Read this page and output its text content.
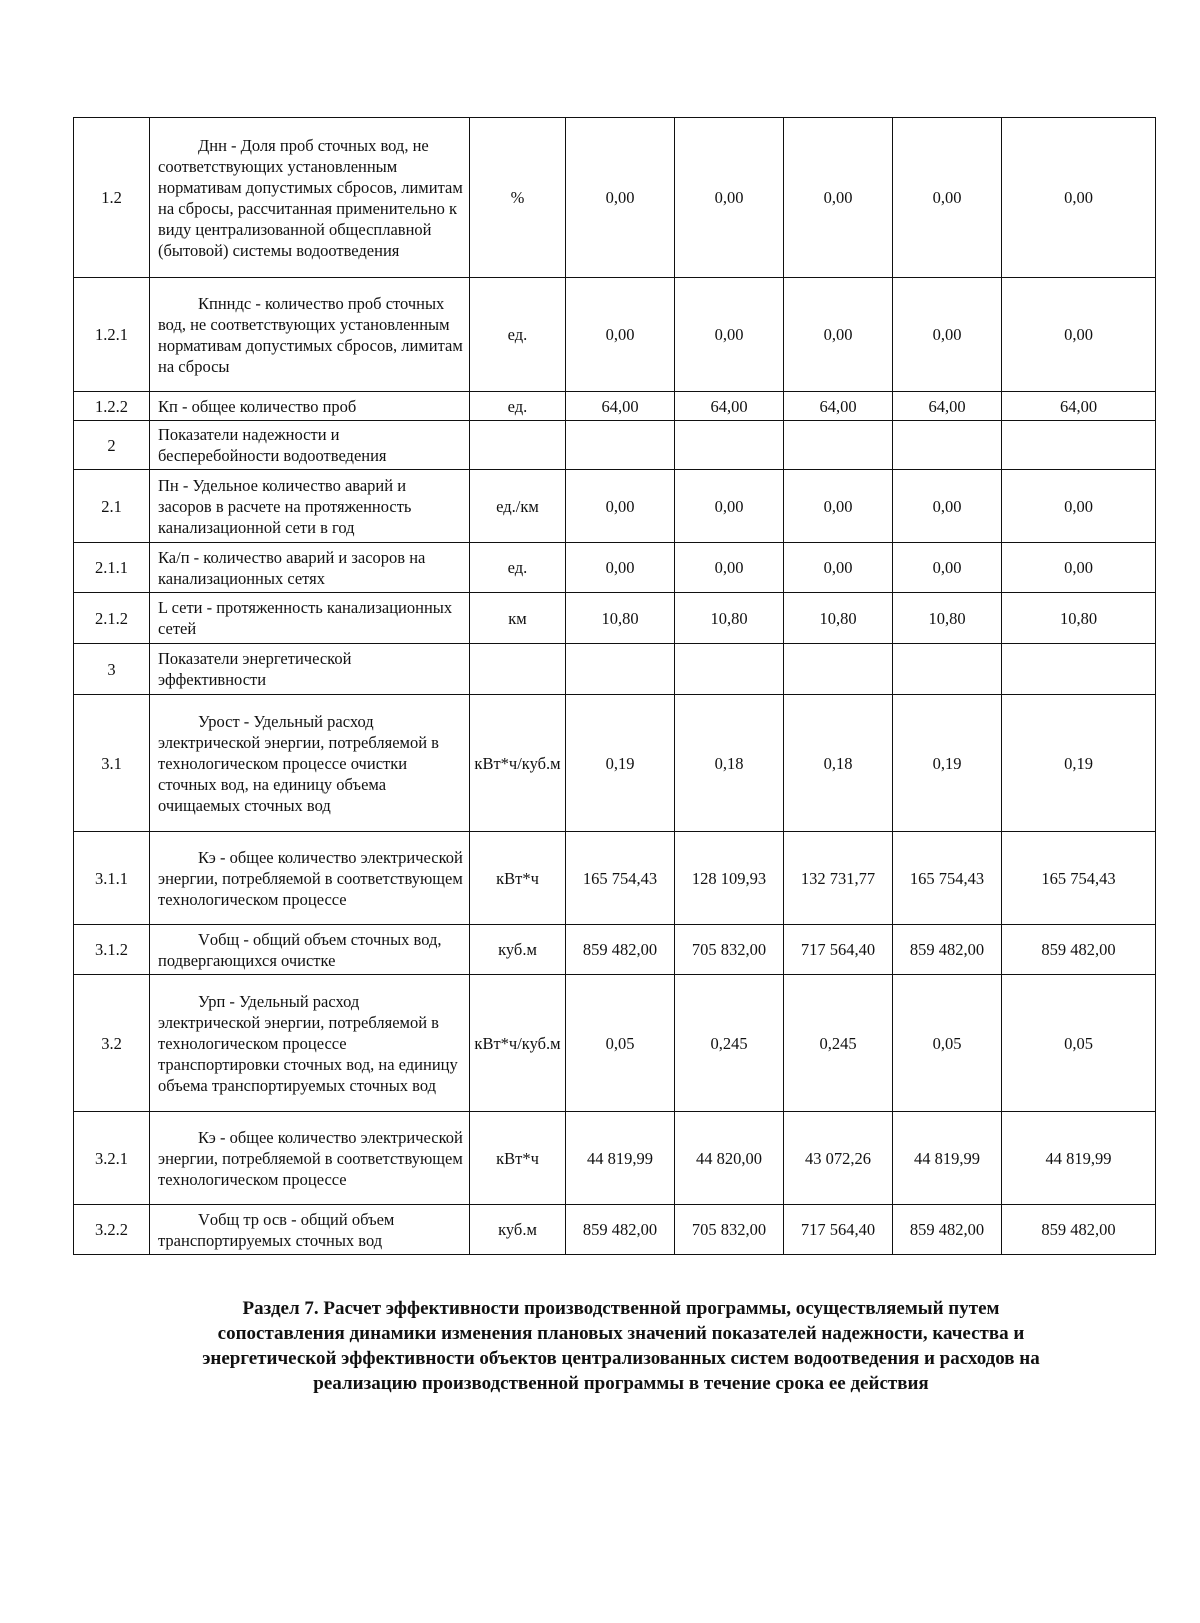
1.2	Днн - Доля проб сточных вод, не соответствующих установленным нормативам допустимых сбросов, лимитам на сбросы, рассчитанная применительно к виду централизованной общесплавной (бытовой) системы водоотведения	%	0,00	0,00	0,00	0,00	0,00
1.2.1	Кпнндс - количество проб сточных вод, не соответствующих установленным нормативам допустимых сбросов, лимитам на сбросы	ед.	0,00	0,00	0,00	0,00	0,00
1.2.2	Кп - общее количество проб	ед.	64,00	64,00	64,00	64,00	64,00
2	Показатели надежности и бесперебойности водоотведения						
2.1	Пн - Удельное количество аварий и засоров в расчете на протяженность канализационной сети в год	ед./км	0,00	0,00	0,00	0,00	0,00
2.1.1	Ка/п - количество аварий и засоров на канализационных сетях	ед.	0,00	0,00	0,00	0,00	0,00
2.1.2	L сети - протяженность канализационных сетей	км	10,80	10,80	10,80	10,80	10,80
3	Показатели энергетической эффективности						
3.1	Урост - Удельный расход электрической энергии, потребляемой в технологическом процессе очистки сточных вод, на единицу объема очищаемых сточных вод	кВт*ч/куб.м	0,19	0,18	0,18	0,19	0,19
3.1.1	Кэ - общее количество электрической энергии, потребляемой в соответствующем технологическом процессе	кВт*ч	165 754,43	128 109,93	132 731,77	165 754,43	165 754,43
3.1.2	Vобщ - общий объем сточных вод, подвергающихся очистке	куб.м	859 482,00	705 832,00	717 564,40	859 482,00	859 482,00
3.2	Урп - Удельный расход электрической энергии, потребляемой в технологическом процессе транспортировки сточных вод, на единицу объема транспортируемых сточных вод	кВт*ч/куб.м	0,05	0,245	0,245	0,05	0,05
3.2.1	Кэ - общее количество электрической энергии, потребляемой в соответствующем технологическом процессе	кВт*ч	44 819,99	44 820,00	43 072,26	44 819,99	44 819,99
3.2.2	Vобщ тр осв - общий объем транспортируемых сточных вод	куб.м	859 482,00	705 832,00	717 564,40	859 482,00	859 482,00
Раздел 7. Расчет эффективности производственной программы, осуществляемый путем
сопоставления динамики изменения плановых значений показателей надежности, качества и
энергетической эффективности объектов централизованных систем водоотведения и расходов на
реализацию производственной программы в течение срока ее действия
